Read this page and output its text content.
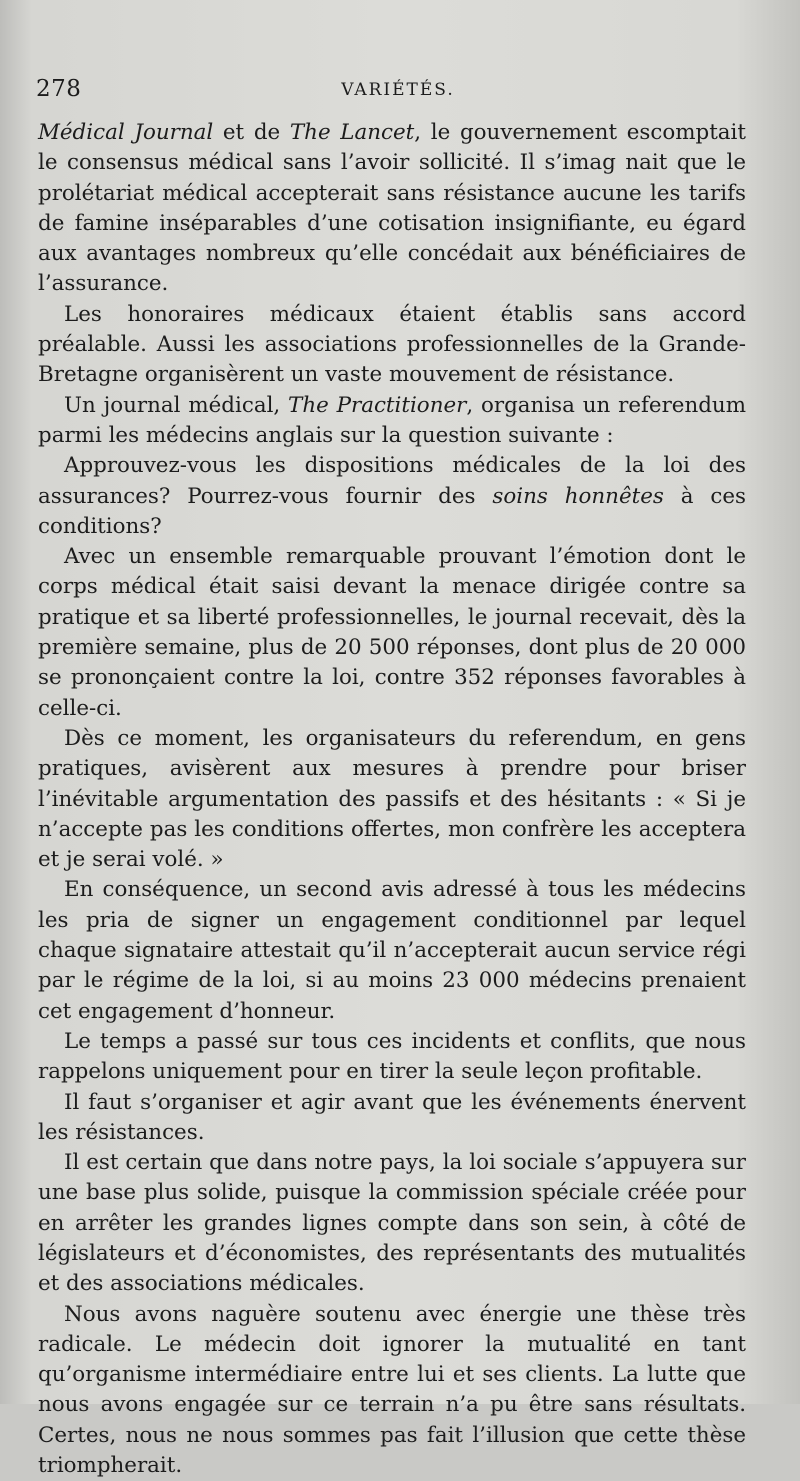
278	VARIÉTÉS.

Médical Journal et de The Lancet, le gouvernement escomptait le consensus médical sans l’avoir sollicité. Il s’imag nait que le prolétariat médical accepterait sans résistance aucune les tarifs de famine inséparables d’une cotisation insignifiante, eu égard aux avantages nombreux qu’elle concédait aux bénéficiaires de l’assurance.

Les honoraires médicaux étaient établis sans accord préalable. Aussi les associations professionnelles de la Grande-Bretagne organisèrent un vaste mouvement de résistance.

Un journal médical, The Practitioner, organisa un referendum parmi les médecins anglais sur la question suivante :

Approuvez-vous les dispositions médicales de la loi des assurances? Pourrez-vous fournir des soins honnêtes à ces conditions?

Avec un ensemble remarquable prouvant l’émotion dont le corps médical était saisi devant la menace dirigée contre sa pratique et sa liberté professionnelles, le journal recevait, dès la première semaine, plus de 20 500 réponses, dont plus de 20 000 se prononçaient contre la loi, contre 352 réponses favorables à celle-ci.

Dès ce moment, les organisateurs du referendum, en gens pratiques, avisèrent aux mesures à prendre pour briser l’inévitable argumentation des passifs et des hésitants : « Si je n’accepte pas les conditions offertes, mon confrère les acceptera et je serai volé. »

En conséquence, un second avis adressé à tous les médecins les pria de signer un engagement conditionnel par lequel chaque signataire attestait qu’il n’accepterait aucun service régi par le régime de la loi, si au moins 23 000 médecins prenaient cet engagement d’honneur.

Le temps a passé sur tous ces incidents et conflits, que nous rappelons uniquement pour en tirer la seule leçon profitable.

Il faut s’organiser et agir avant que les événements énervent les résistances.

Il est certain que dans notre pays, la loi sociale s’appuyera sur une base plus solide, puisque la commission spéciale créée pour en arrêter les grandes lignes compte dans son sein, à côté de législateurs et d’économistes, des représentants des mutualités et des associations médicales.

Nous avons naguère soutenu avec énergie une thèse très radicale. Le médecin doit ignorer la mutualité en tant qu’organisme intermédiaire entre lui et ses clients. La lutte que nous avons engagée sur ce terrain n’a pu être sans résultats. Certes, nous ne nous sommes pas fait l’illusion que cette thèse triompherait.
